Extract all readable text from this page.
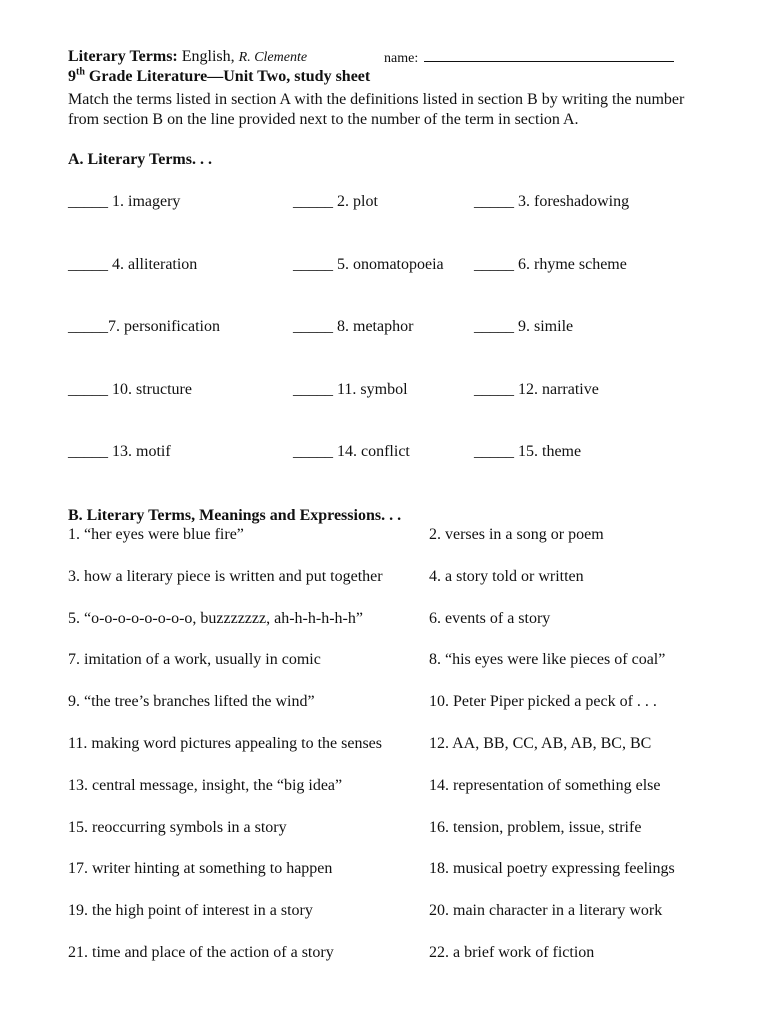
Literary Terms: English, R. Clemente	name:
9th Grade Literature—Unit Two, study sheet
Match the terms listed in section A with the definitions listed in section B by writing the number from section B on the line provided next to the number of the term in section A.
A. Literary Terms. . .
_____ 1. imagery	_____ 2. plot	_____ 3. foreshadowing
_____ 4. alliteration	_____ 5. onomatopoeia _____ 6. rhyme scheme
_____7. personification	_____ 8. metaphor	_____ 9. simile
_____ 10. structure	_____ 11. symbol	_____ 12. narrative
_____ 13. motif	_____ 14. conflict	_____ 15. theme
B. Literary Terms, Meanings and Expressions. . .
1. “her eyes were blue fire”	2. verses in a song or poem
3. how a literary piece is written and put together	4. a story told or written
5. “o-o-o-o-o-o-o-o, buzzzzzzz, ah-h-h-h-h-h”	6. events of a story
7. imitation of a work, usually in comic	8. “his eyes were like pieces of coal”
9. “the tree’s branches lifted the wind”	10. Peter Piper picked a peck of . . .
11. making word pictures appealing to the senses	12. AA, BB, CC, AB, AB, BC, BC
13. central message, insight, the “big idea”	14. representation of something else
15. reoccurring symbols in a story	16. tension, problem, issue, strife
17. writer hinting at something to happen	18. musical poetry expressing feelings
19. the high point of interest in a story	20. main character in a literary work
21. time and place of the action of a story	22. a brief work of fiction
